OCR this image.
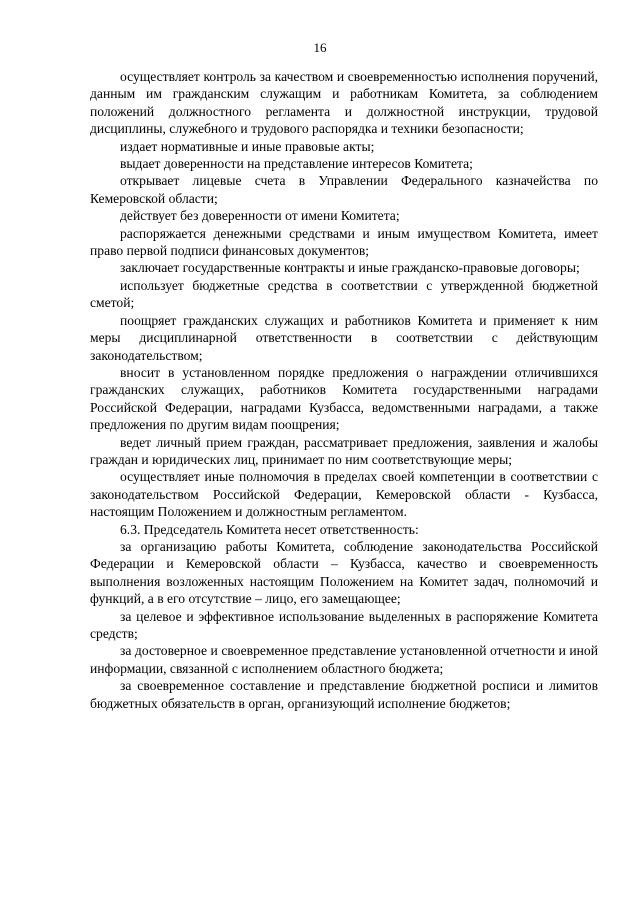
16

осуществляет контроль за качеством и своевременностью исполнения поручений, данным им гражданским служащим и работникам Комитета, за соблюдением положений должностного регламента и должностной инструкции, трудовой дисциплины, служебного и трудового распорядка и техники безопасности;

издает нормативные и иные правовые акты;

выдает доверенности на представление интересов Комитета;

открывает лицевые счета в Управлении Федерального казначейства по Кемеровской области;

действует без доверенности от имени Комитета;

распоряжается денежными средствами и иным имуществом Комитета, имеет право первой подписи финансовых документов;

заключает государственные контракты и иные гражданско-правовые договоры;

использует бюджетные средства в соответствии с утвержденной бюджетной сметой;

поощряет гражданских служащих и работников Комитета и применяет к ним меры дисциплинарной ответственности в соответствии с действующим законодательством;

вносит в установленном порядке предложения о награждении отличившихся гражданских служащих, работников Комитета государственными наградами Российской Федерации, наградами Кузбасса, ведомственными наградами, а также предложения по другим видам поощрения;

ведет личный прием граждан, рассматривает предложения, заявления и жалобы граждан и юридических лиц, принимает по ним соответствующие меры;

осуществляет иные полномочия в пределах своей компетенции в соответствии с законодательством Российской Федерации, Кемеровской области - Кузбасса, настоящим Положением и должностным регламентом.

6.3. Председатель Комитета несет ответственность:

за организацию работы Комитета, соблюдение законодательства Российской Федерации и Кемеровской области – Кузбасса, качество и своевременность выполнения возложенных настоящим Положением на Комитет задач, полномочий и функций, а в его отсутствие – лицо, его замещающее;

за целевое и эффективное использование выделенных в распоряжение Комитета средств;

за достоверное и своевременное представление установленной отчетности и иной информации, связанной с исполнением областного бюджета;

за своевременное составление и представление бюджетной росписи и лимитов бюджетных обязательств в орган, организующий исполнение бюджетов;
